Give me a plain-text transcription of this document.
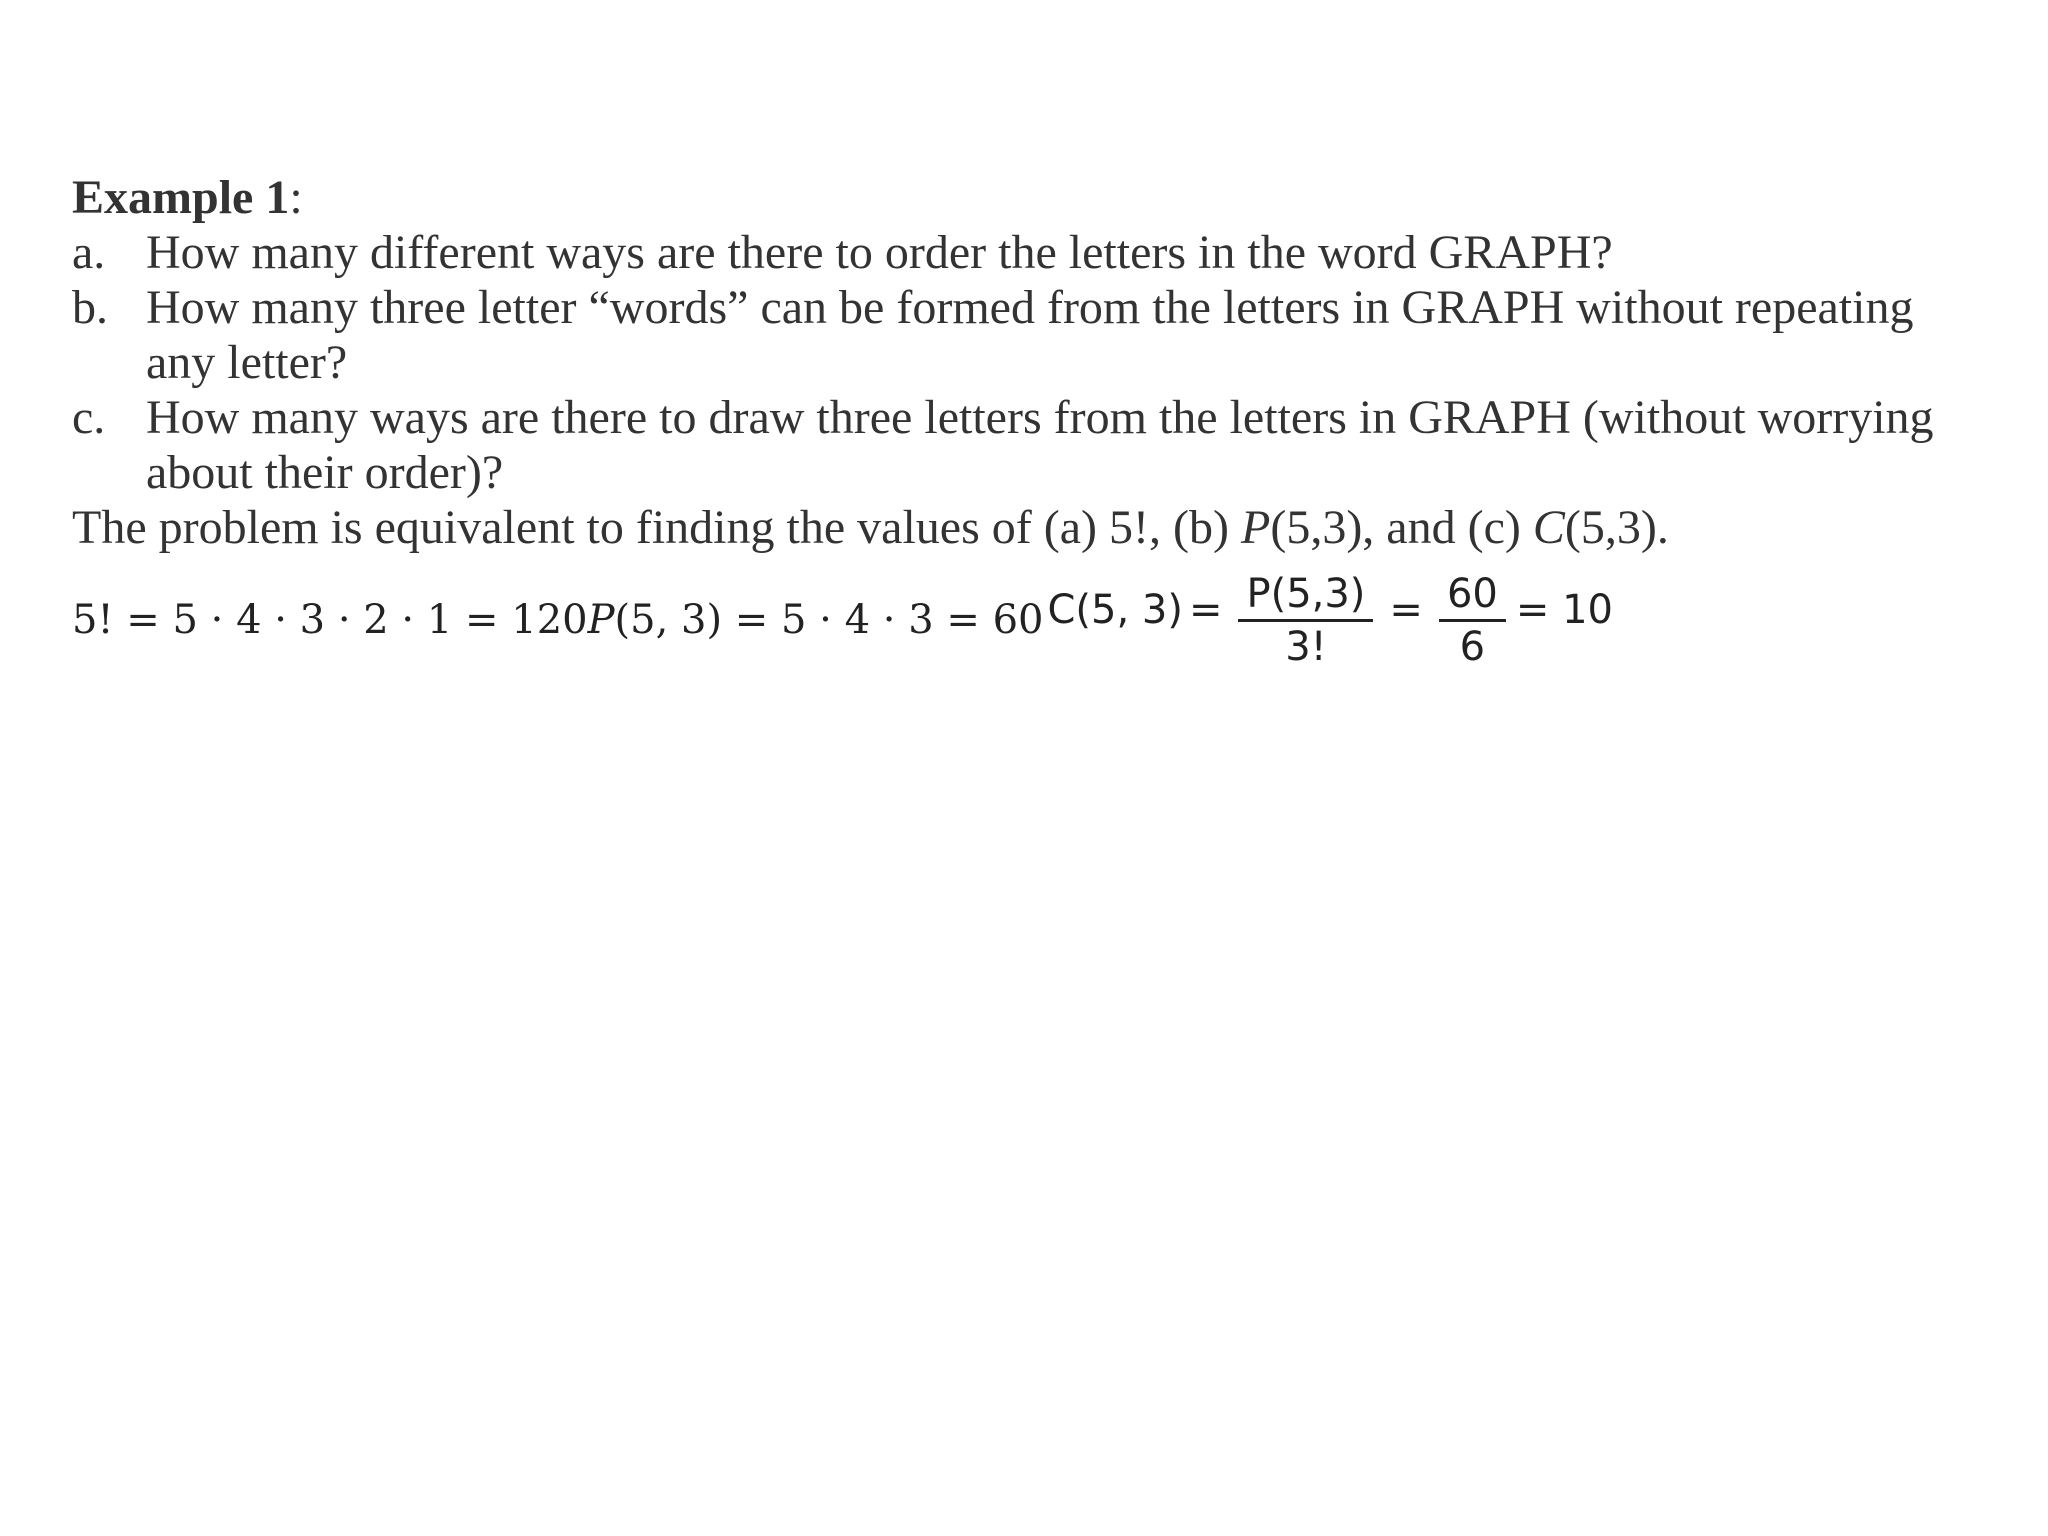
Example 1:
a. How many different ways are there to order the letters in the word GRAPH?
b. How many three letter “words” can be formed from the letters in GRAPH without repeating any letter?
c. How many ways are there to draw three letters from the letters in GRAPH (without worrying about their order)?
The problem is equivalent to finding the values of (a) 5!, (b) P(5,3), and (c) C(5,3).
5! = 5 · 4 · 3 · 2 · 1 = 120 P(5, 3) = 5 · 4 · 3 = 60 C(5, $3) = \frac{P(5,3)}{3!} = \frac{60}{6} = 10$
